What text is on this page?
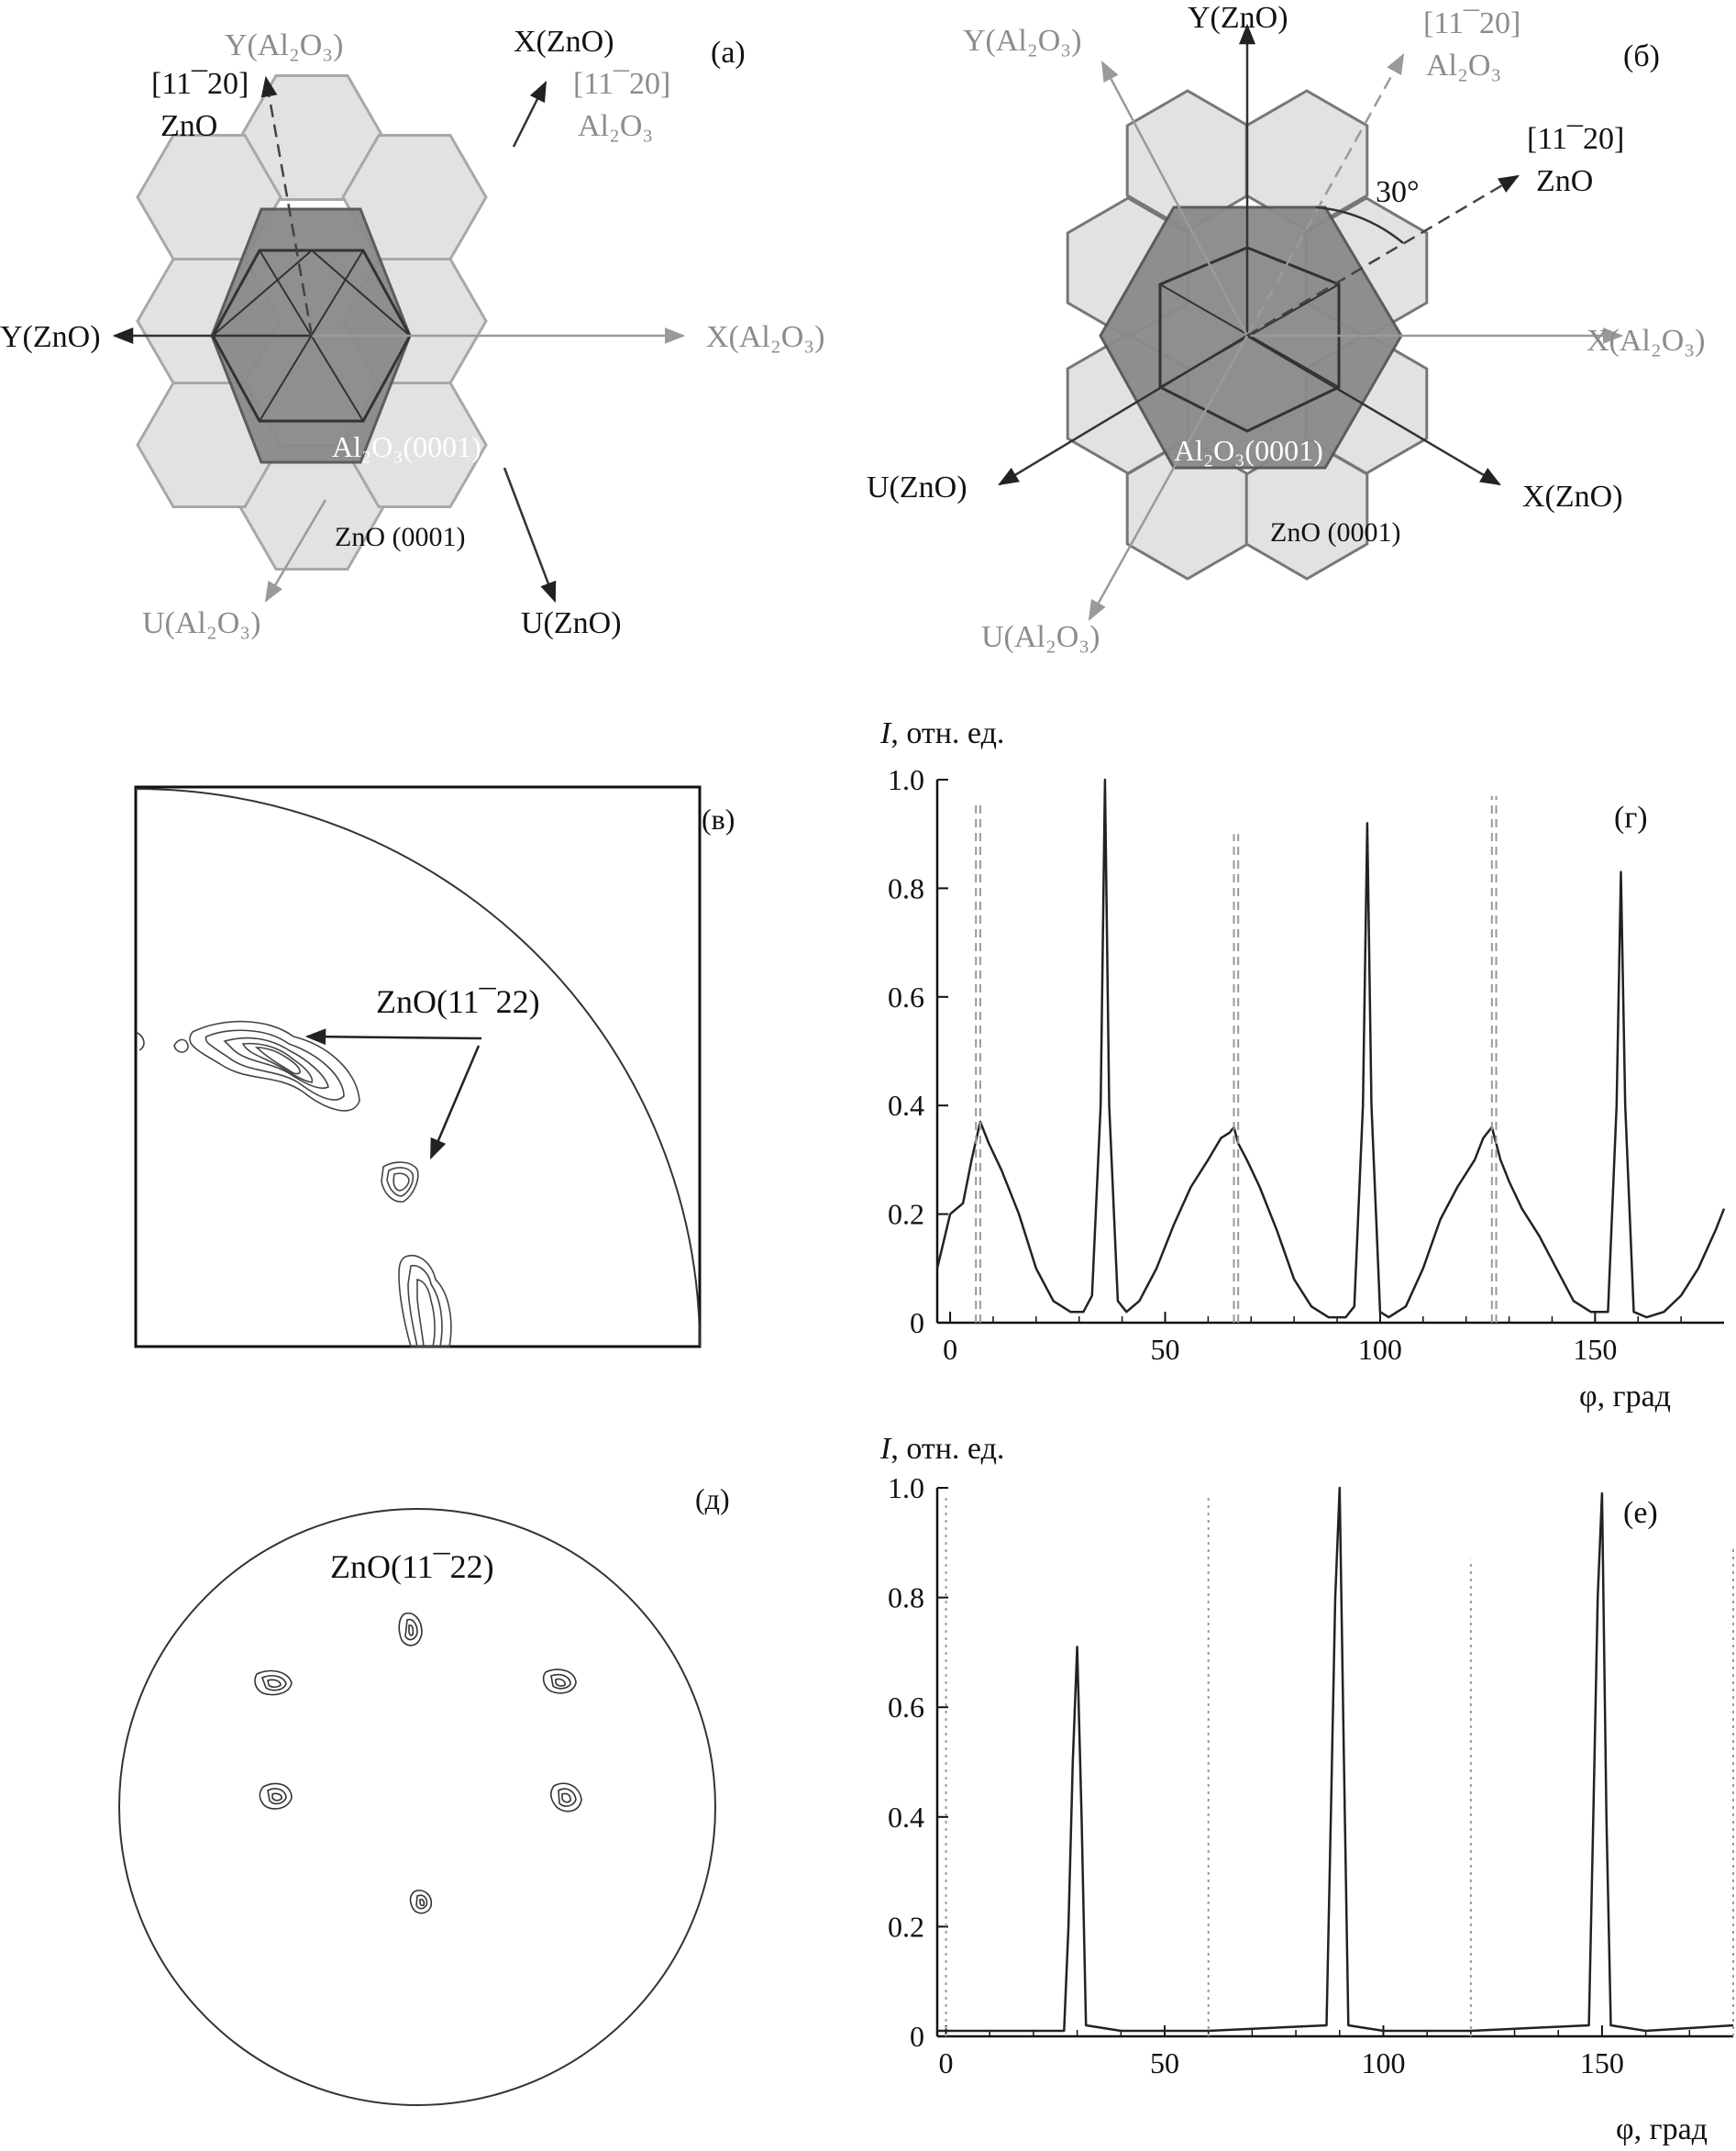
(а)
Y(Al₂O₃)	X(ZnO)
[11¯20]
ZnO
[11¯20]
Al₂O₃
Y(ZnO)	X(Al₂O₃)
Al₂O₃(0001)
ZnO (0001)
U(Al₂O₃)	U(ZnO)
(б)
Y(ZnO)
Y(Al₂O₃)
[11¯20]
Al₂O₃
[11¯20]
ZnO
30°
X(Al₂O₃)
U(ZnO)	X(ZnO)
Al₂O₃(0001)
ZnO (0001)
U(Al₂O₃)
(в)
ZnO(11¯22)
I, отн. ед.
(г)
φ, град
0
0.2
0.4
0.6
0.8
1.0
0	50	100	150
(д)
ZnO(11¯22)
I, отн. ед.
(е)
φ, град
0
0.2
0.4
0.6
0.8
1.0
0	50	100	150
